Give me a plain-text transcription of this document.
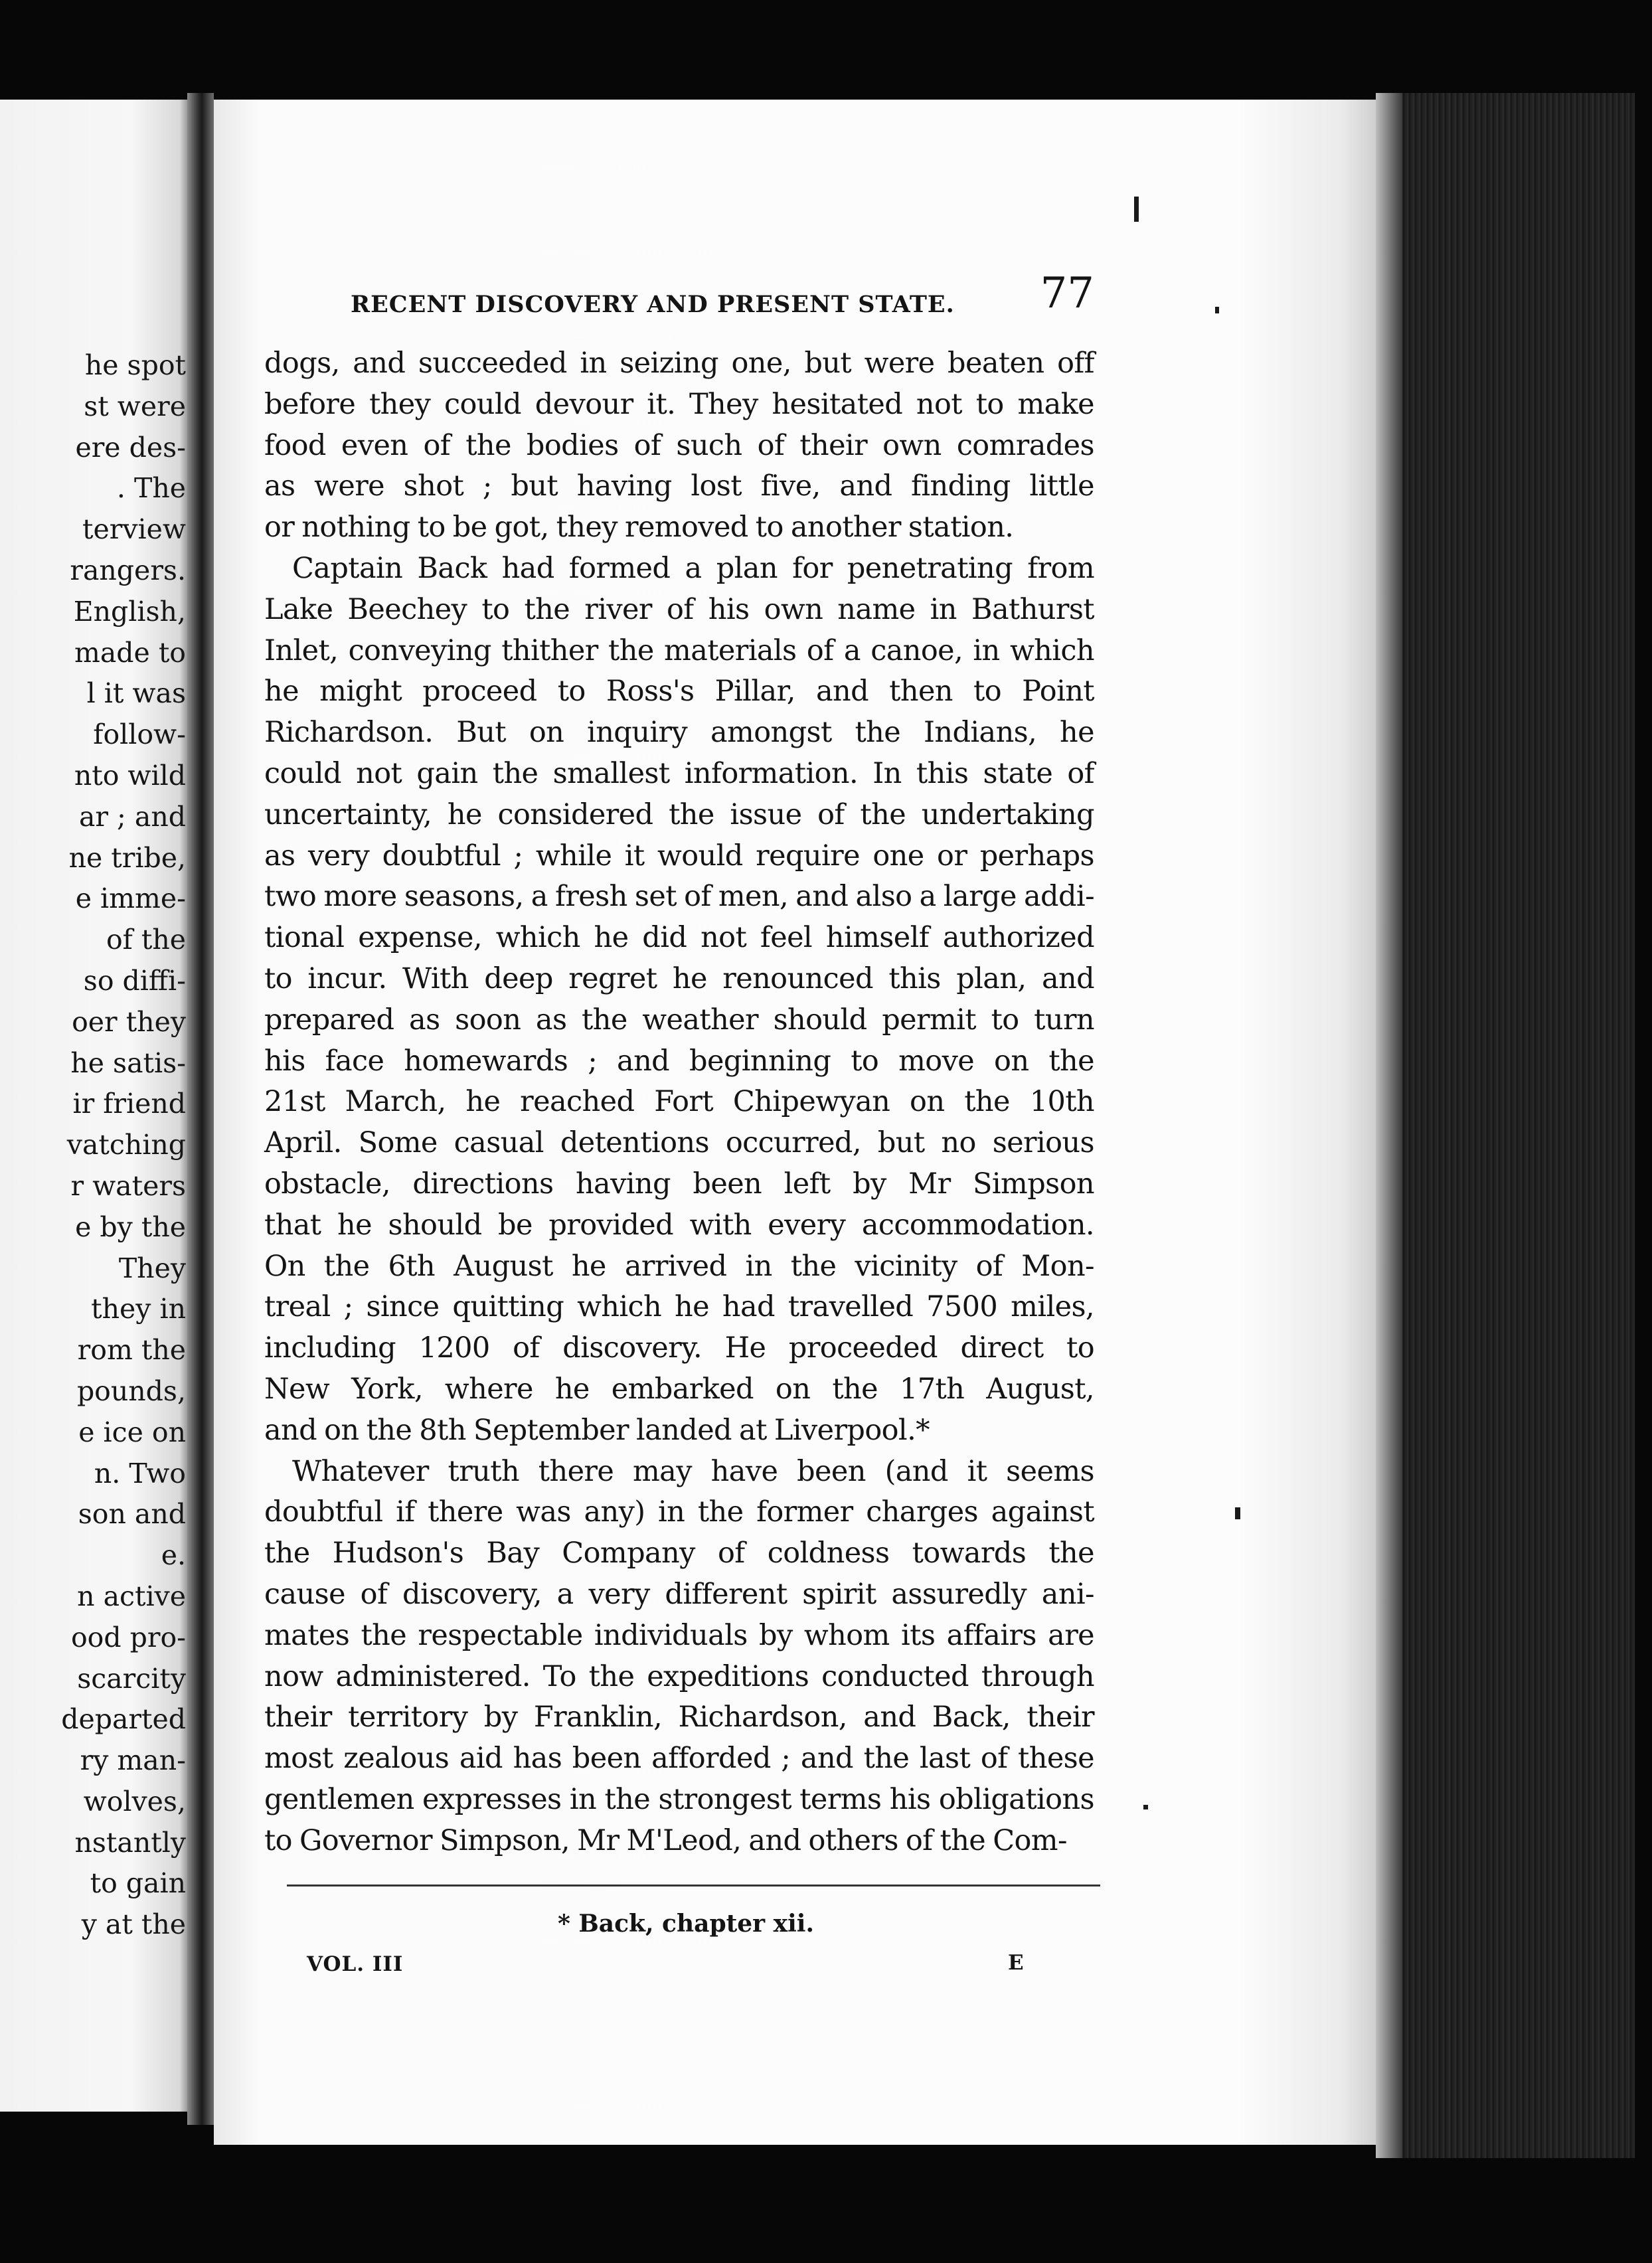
he spot
st were
ere des-
. The
terview
rangers.
English,
made to
l it was
follow-
nto wild
ar ; and
ne tribe,
e imme-
of the
so diffi-
oer they
he satis-
ir friend
vatching
r waters
e by the
They
they in
rom the
pounds,
e ice on
n. Two
son and
e.
n active
ood pro-
scarcity
departed
ry man-
wolves,
nstantly
to gain
y at the
RECENT DISCOVERY AND PRESENT STATE. 77
dogs, and succeeded in seizing one, but were beaten off
before they could devour it. They hesitated not to make
food even of the bodies of such of their own comrades
as were shot ; but having lost five, and finding little
or nothing to be got, they removed to another station.
Captain Back had formed a plan for penetrating from
Lake Beechey to the river of his own name in Bathurst
Inlet, conveying thither the materials of a canoe, in which
he might proceed to Ross's Pillar, and then to Point
Richardson. But on inquiry amongst the Indians, he
could not gain the smallest information. In this state of
uncertainty, he considered the issue of the undertaking
as very doubtful ; while it would require one or perhaps
two more seasons, a fresh set of men, and also a large addi-
tional expense, which he did not feel himself authorized
to incur. With deep regret he renounced this plan, and
prepared as soon as the weather should permit to turn
his face homewards ; and beginning to move on the
21st March, he reached Fort Chipewyan on the 10th
April. Some casual detentions occurred, but no serious
obstacle, directions having been left by Mr Simpson
that he should be provided with every accommodation.
On the 6th August he arrived in the vicinity of Mon-
treal ; since quitting which he had travelled 7500 miles,
including 1200 of discovery. He proceeded direct to
New York, where he embarked on the 17th August,
and on the 8th September landed at Liverpool.*
Whatever truth there may have been (and it seems
doubtful if there was any) in the former charges against
the Hudson's Bay Company of coldness towards the
cause of discovery, a very different spirit assuredly ani-
mates the respectable individuals by whom its affairs are
now administered. To the expeditions conducted through
their territory by Franklin, Richardson, and Back, their
most zealous aid has been afforded ; and the last of these
gentlemen expresses in the strongest terms his obligations
to Governor Simpson, Mr M'Leod, and others of the Com-
* Back, chapter xii.
VOL. III	E
